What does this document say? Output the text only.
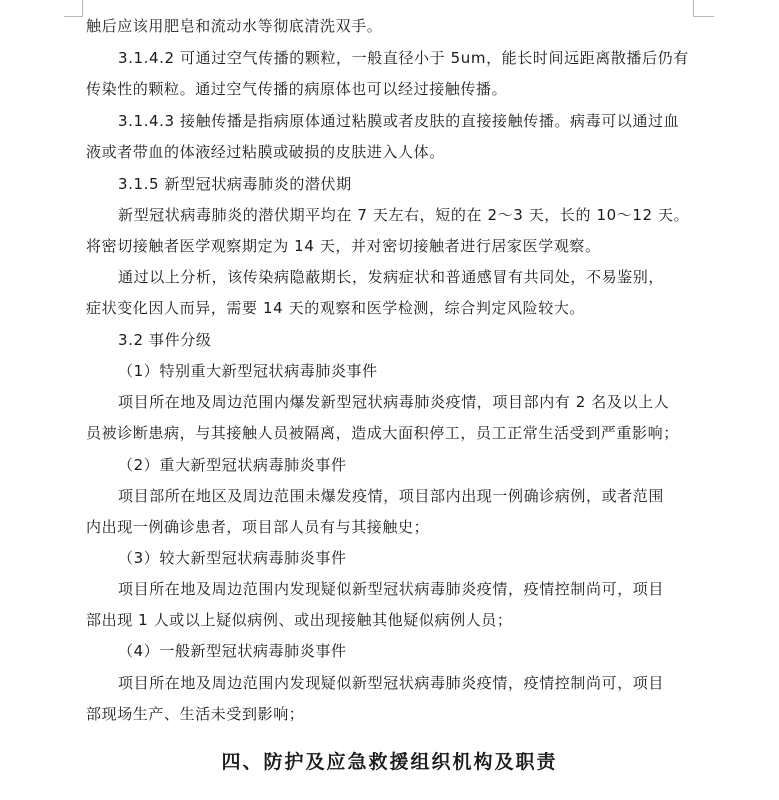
触后应该用肥皂和流动水等彻底清洗双手。
3.1.4.2 可通过空气传播的颗粒，一般直径小于 5um，能长时间远距离散播后仍有
传染性的颗粒。通过空气传播的病原体也可以经过接触传播。
3.1.4.3 接触传播是指病原体通过粘膜或者皮肤的直接接触传播。病毒可以通过血
液或者带血的体液经过粘膜或破损的皮肤进入人体。
3.1.5 新型冠状病毒肺炎的潜伏期
新型冠状病毒肺炎的潜伏期平均在 7 天左右，短的在 2～3 天，长的 10～12 天。
将密切接触者医学观察期定为 14 天，并对密切接触者进行居家医学观察。
通过以上分析，该传染病隐蔽期长，发病症状和普通感冒有共同处，不易鉴别，
症状变化因人而异，需要 14 天的观察和医学检测，综合判定风险较大。
3.2 事件分级
（1）特别重大新型冠状病毒肺炎事件
项目所在地及周边范围内爆发新型冠状病毒肺炎疫情，项目部内有 2 名及以上人
员被诊断患病，与其接触人员被隔离，造成大面积停工，员工正常生活受到严重影响；
（2）重大新型冠状病毒肺炎事件
项目部所在地区及周边范围未爆发疫情，项目部内出现一例确诊病例，或者范围
内出现一例确诊患者，项目部人员有与其接触史；
（3）较大新型冠状病毒肺炎事件
项目所在地及周边范围内发现疑似新型冠状病毒肺炎疫情，疫情控制尚可，项目
部出现 1 人或以上疑似病例、或出现接触其他疑似病例人员；
（4）一般新型冠状病毒肺炎事件
项目所在地及周边范围内发现疑似新型冠状病毒肺炎疫情，疫情控制尚可，项目
部现场生产、生活未受到影响；
四、防护及应急救援组织机构及职责
